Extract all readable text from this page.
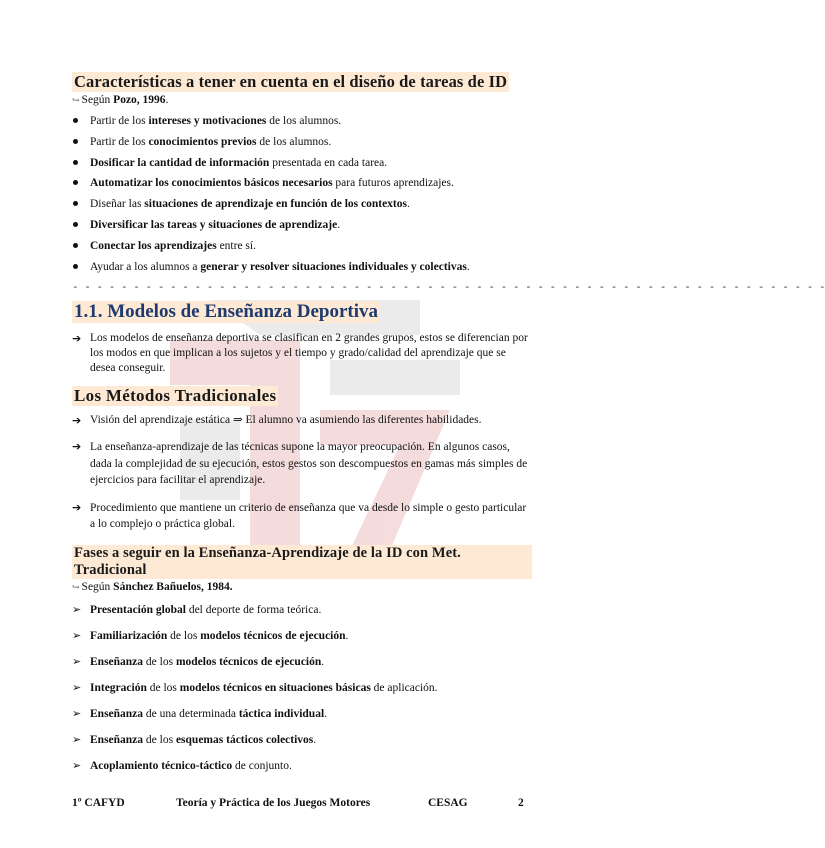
Características a tener en cuenta en el diseño de tareas de ID
↪ Según Pozo, 1996.
Partir de los intereses y motivaciones de los alumnos.
Partir de los conocimientos previos de los alumnos.
Dosificar la cantidad de información presentada en cada tarea.
Automatizar los conocimientos básicos necesarios para futuros aprendizajes.
Diseñar las situaciones de aprendizaje en función de los contextos.
Diversificar las tareas y situaciones de aprendizaje.
Conectar los aprendizajes entre sí.
Ayudar a los alumnos a generar y resolver situaciones individuales y colectivas.
- - - - - - - - - - - - - - - - - - - - - - - - - - - - - - - - - - - - - - - - - - - - - - - - - - - - - - - - - - - - - -
1.1. Modelos de Enseñanza Deportiva
➔ Los modelos de enseñanza deportiva se clasifican en 2 grandes grupos, estos se diferencian por los modos en que implican a los sujetos y el tiempo y grado/calidad del aprendizaje que se desea conseguir.
Los Métodos Tradicionales
➔ Visión del aprendizaje estática ⇒ El alumno va asumiendo las diferentes habilidades.
➔ La enseñanza-aprendizaje de las técnicas supone la mayor preocupación. En algunos casos, dada la complejidad de su ejecución, estos gestos son descompuestos en gamas más simples de ejercicios para facilitar el aprendizaje.
➔ Procedimiento que mantiene un criterio de enseñanza que va desde lo simple o gesto particular a lo complejo o práctica global.
Fases a seguir en la Enseñanza-Aprendizaje de la ID con Met. Tradicional
↪ Según Sánchez Bañuelos, 1984.
➢ Presentación global del deporte de forma teórica.
➢ Familiarización de los modelos técnicos de ejecución.
➢ Enseñanza de los modelos técnicos de ejecución.
➢ Integración de los modelos técnicos en situaciones básicas de aplicación.
➢ Enseñanza de una determinada táctica individual.
➢ Enseñanza de los esquemas tácticos colectivos.
➢ Acoplamiento técnico-táctico de conjunto.
1º CAFYD	Teoría y Práctica de los Juegos Motores	CESAG	2
